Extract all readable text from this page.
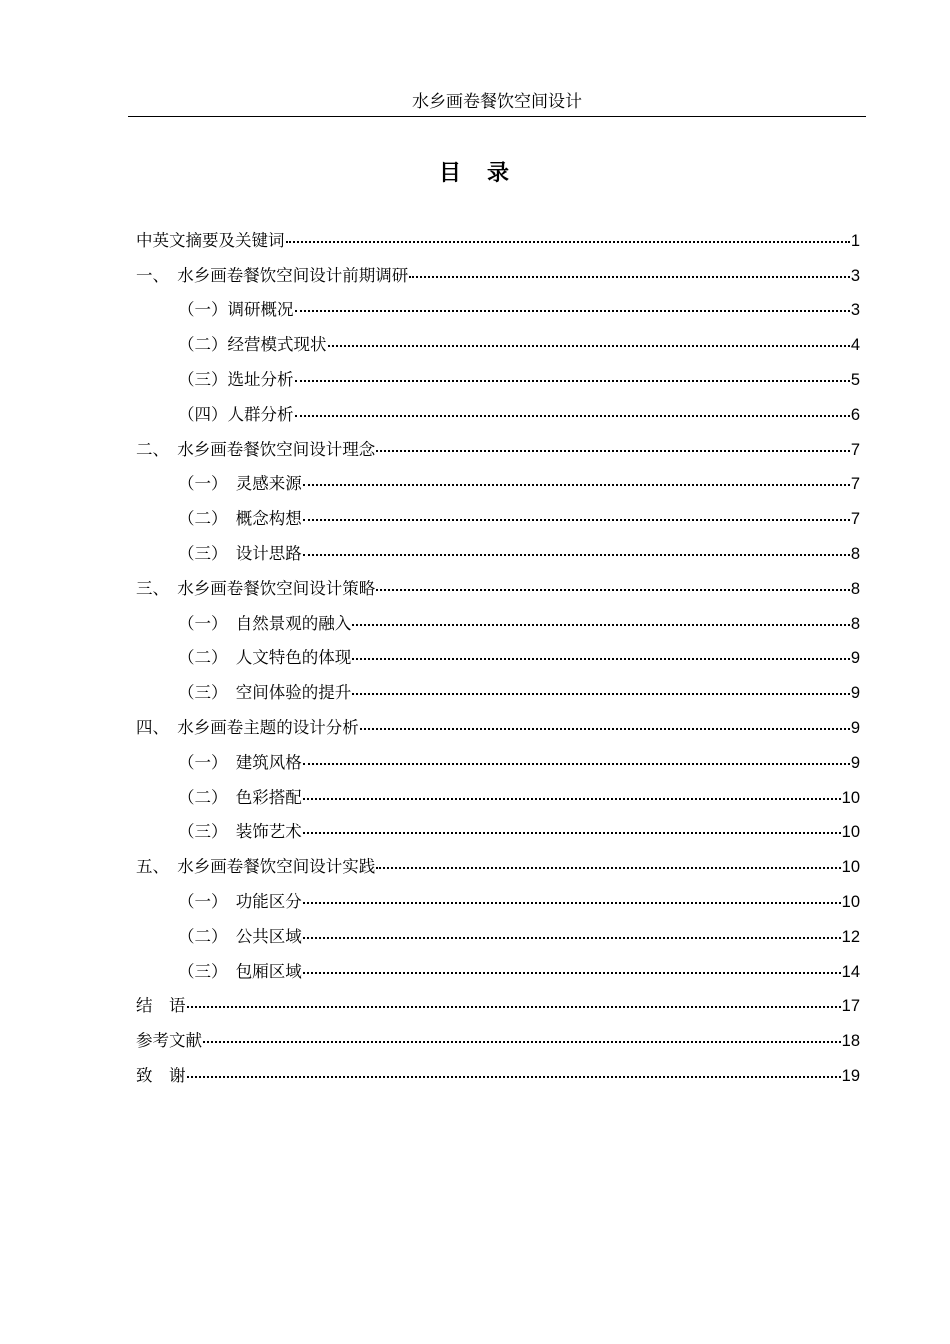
水乡画卷餐饮空间设计
目　录
中英文摘要及关键词	1
一、　水乡画卷餐饮空间设计前期调研	3
（一）调研概况	3
（二）经营模式现状	4
（三）选址分析	5
（四）人群分析	6
二、　水乡画卷餐饮空间设计理念	7
（一）　灵感来源	7
（二）　概念构想	7
（三）　设计思路	8
三、　水乡画卷餐饮空间设计策略	8
（一）　自然景观的融入	8
（二）　人文特色的体现	9
（三）　空间体验的提升	9
四、　水乡画卷主题的设计分析	9
（一）　建筑风格	9
（二）　色彩搭配	10
（三）　装饰艺术	10
五、　水乡画卷餐饮空间设计实践	10
（一）　功能区分	10
（二）　公共区域	12
（三）　包厢区域	14
结　语	17
参考文献	18
致　谢	19
